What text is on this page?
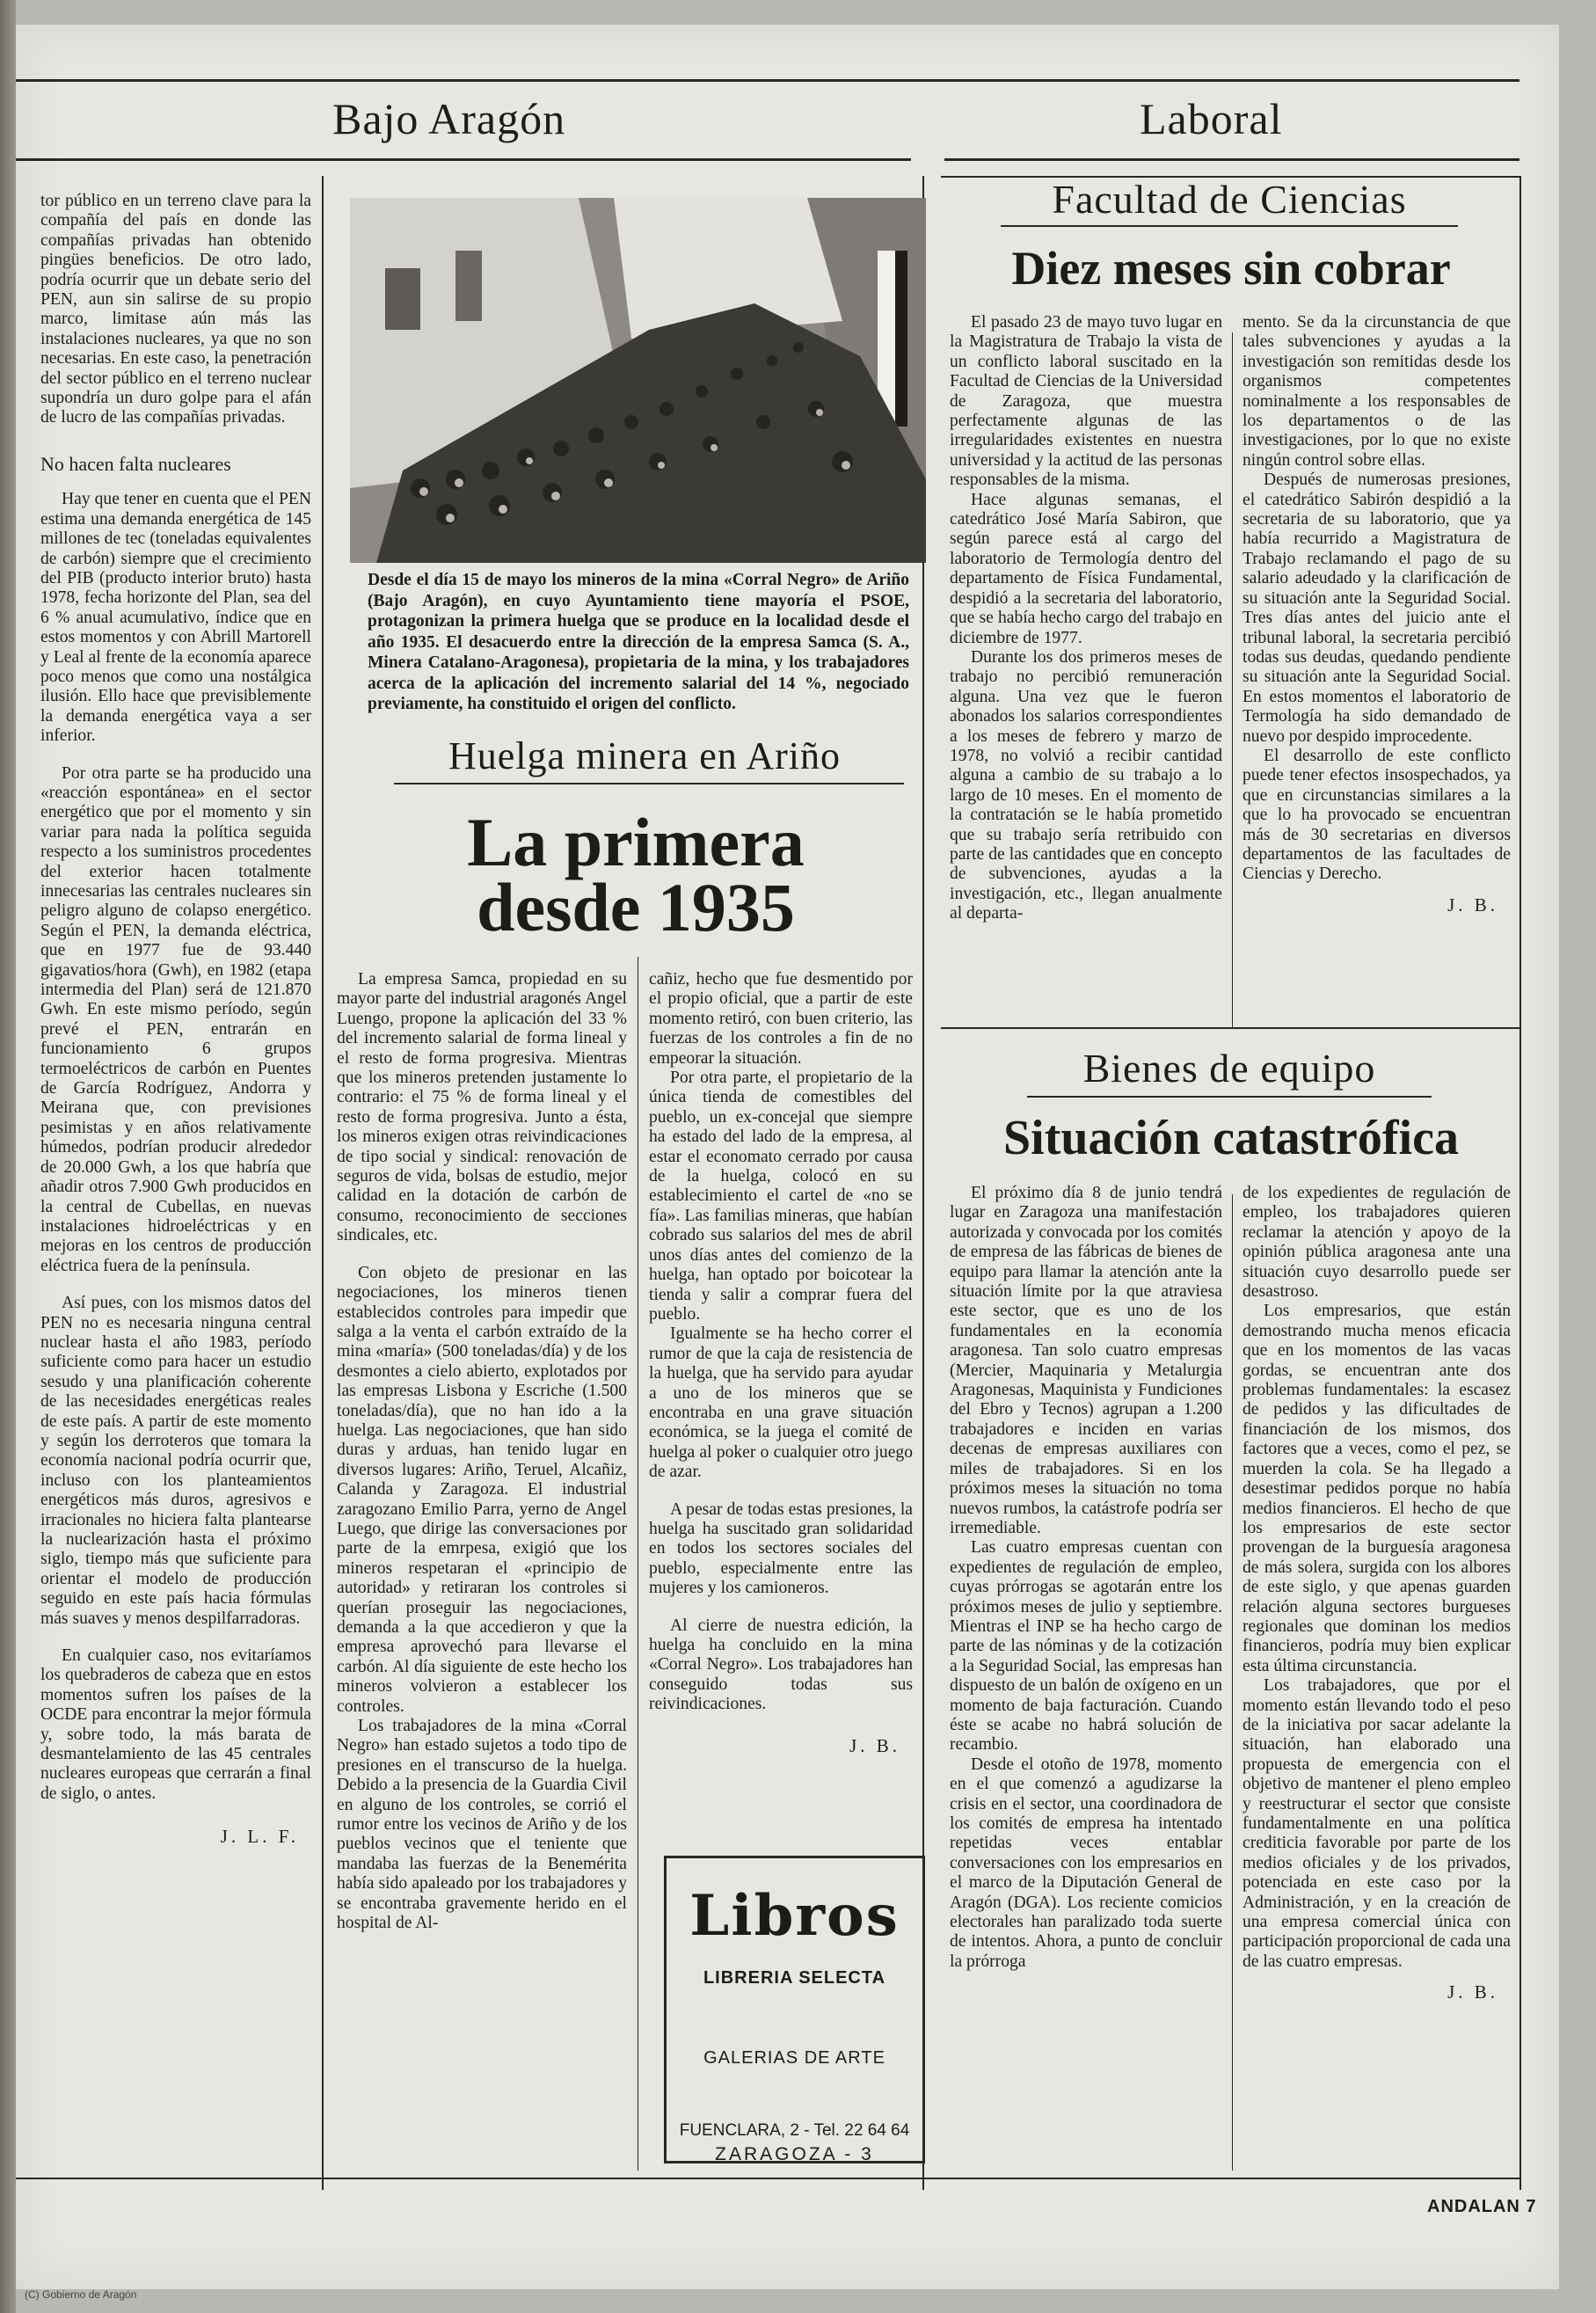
Bajo Aragón	Laboral

tor público en un terreno clave para la compañía del país en donde las compañías privadas han obtenido pingües beneficios. De otro lado, podría ocurrir que un debate serio del PEN, aun sin salirse de su propio marco, limitase aún más las instalaciones nucleares, ya que no son necesarias. En este caso, la penetración del sector público en el terreno nuclear supondría un duro golpe para el afán de lucro de las compañías privadas.

No hacen falta nucleares

Hay que tener en cuenta que el PEN estima una demanda energética de 145 millones de tec (toneladas equivalentes de carbón) siempre que el crecimiento del PIB (producto interior bruto) hasta 1978, fecha horizonte del Plan, sea del 6 % anual acumulativo, índice que en estos momentos y con Abrill Martorell y Leal al frente de la economía aparece poco menos que como una nostálgica ilusión. Ello hace que previsiblemente la demanda energética vaya a ser inferior.

Por otra parte se ha producido una «reacción espontánea» en el sector energético que por el momento y sin variar para nada la política seguida respecto a los suministros procedentes del exterior hacen totalmente innecesarias las centrales nucleares sin peligro alguno de colapso energético. Según el PEN, la demanda eléctrica, que en 1977 fue de 93.440 gigavatios/hora (Gwh), en 1982 (etapa intermedia del Plan) será de 121.870 Gwh. En este mismo período, según prevé el PEN, entrarán en funcionamiento 6 grupos termoeléctricos de carbón en Puentes de García Rodríguez, Andorra y Meirana que, con previsiones pesimistas y en años relativamente húmedos, podrían producir alrededor de 20.000 Gwh, a los que habría que añadir otros 7.900 Gwh producidos en la central de Cubellas, en nuevas instalaciones hidroeléctricas y en mejoras en los centros de producción eléctrica fuera de la península.

Así pues, con los mismos datos del PEN no es necesaria ninguna central nuclear hasta el año 1983, período suficiente como para hacer un estudio sesudo y una planificación coherente de las necesidades energéticas reales de este país. A partir de este momento y según los derroteros que tomara la economía nacional podría ocurrir que, incluso con los planteamientos energéticos más duros, agresivos e irracionales no hiciera falta plantearse la nuclearización hasta el próximo siglo, tiempo más que suficiente para orientar el modelo de producción seguido en este país hacia fórmulas más suaves y menos despilfarradoras.

En cualquier caso, nos evitaríamos los quebraderos de cabeza que en estos momentos sufren los países de la OCDE para encontrar la mejor fórmula y, sobre todo, la más barata de desmantelamiento de las 45 centrales nucleares europeas que cerrarán a final de siglo, o antes.

J. L. F.
Desde el día 15 de mayo los mineros de la mina «Corral Negro» de Ariño (Bajo Aragón), en cuyo Ayuntamiento tiene mayoría el PSOE, protagonizan la primera huelga que se produce en la localidad desde el año 1935. El desacuerdo entre la dirección de la empresa Samca (S. A., Minera Catalano-Aragonesa), propietaria de la mina, y los trabajadores acerca de la aplicación del incremento salarial del 14 %, negociado previamente, ha constituido el origen del conflicto.
Huelga minera en Ariño
La primera
desde 1935

La empresa Samca, propiedad en su mayor parte del industrial aragonés Angel Luengo, propone la aplicación del 33 % del incremento salarial de forma lineal y el resto de forma progresiva. Mientras que los mineros pretenden justamente lo contrario: el 75 % de forma lineal y el resto de forma progresiva. Junto a ésta, los mineros exigen otras reivindicaciones de tipo social y sindical: renovación de seguros de vida, bolsas de estudio, mejor calidad en la dotación de carbón de consumo, reconocimiento de secciones sindicales, etc.

Con objeto de presionar en las negociaciones, los mineros tienen establecidos controles para impedir que salga a la venta el carbón extraído de la mina «maría» (500 toneladas/día) y de los desmontes a cielo abierto, explotados por las empresas Lisbona y Escriche (1.500 toneladas/día), que no han ido a la huelga. Las negociaciones, que han sido duras y arduas, han tenido lugar en diversos lugares: Ariño, Teruel, Alcañiz, Calanda y Zaragoza. El industrial zaragozano Emilio Parra, yerno de Angel Luego, que dirige las conversaciones por parte de la emrpesa, exigió que los mineros respetaran el «principio de autoridad» y retiraran los controles si querían proseguir las negociaciones, demanda a la que accedieron y que la empresa aprovechó para llevarse el carbón. Al día siguiente de este hecho los mineros volvieron a establecer los controles.

Los trabajadores de la mina «Corral Negro» han estado sujetos a todo tipo de presiones en el transcurso de la huelga. Debido a la presencia de la Guardia Civil en alguno de los controles, se corrió el rumor entre los vecinos de Ariño y de los pueblos vecinos que el teniente que mandaba las fuerzas de la Benemérita había sido apaleado por los trabajadores y se encontraba gravemente herido en el hospital de Al-

cañiz, hecho que fue desmentido por el propio oficial, que a partir de este momento retiró, con buen criterio, las fuerzas de los controles a fin de no empeorar la situación.

Por otra parte, el propietario de la única tienda de comestibles del pueblo, un ex-concejal que siempre ha estado del lado de la empresa, al estar el economato cerrado por causa de la huelga, colocó en su establecimiento el cartel de «no se fía». Las familias mineras, que habían cobrado sus salarios del mes de abril unos días antes del comienzo de la huelga, han optado por boicotear la tienda y salir a comprar fuera del pueblo.

Igualmente se ha hecho correr el rumor de que la caja de resistencia de la huelga, que ha servido para ayudar a uno de los mineros que se encontraba en una grave situación económica, se la juega el comité de huelga al poker o cualquier otro juego de azar.

A pesar de todas estas presiones, la huelga ha suscitado gran solidaridad en todos los sectores sociales del pueblo, especialmente entre las mujeres y los camioneros.

Al cierre de nuestra edición, la huelga ha concluido en la mina «Corral Negro». Los trabajadores han conseguido todas sus reivindicaciones.

J. B.
Libros
LIBRERIA SELECTA
GALERIAS DE ARTE
FUENCLARA, 2 - Tel. 22 64 64
ZARAGOZA - 3
Facultad de Ciencias
Diez meses sin cobrar

El pasado 23 de mayo tuvo lugar en la Magistratura de Trabajo la vista de un conflicto laboral suscitado en la Facultad de Ciencias de la Universidad de Zaragoza, que muestra perfectamente algunas de las irregularidades existentes en nuestra universidad y la actitud de las personas responsables de la misma.

Hace algunas semanas, el catedrático José María Sabiron, que según parece está al cargo del laboratorio de Termología dentro del departamento de Física Fundamental, despidió a la secretaria del laboratorio, que se había hecho cargo del trabajo en diciembre de 1977.

Durante los dos primeros meses de trabajo no percibió remuneración alguna. Una vez que le fueron abonados los salarios correspondientes a los meses de febrero y marzo de 1978, no volvió a recibir cantidad alguna a cambio de su trabajo a lo largo de 10 meses. En el momento de la contratación se le había prometido que su trabajo sería retribuido con parte de las cantidades que en concepto de subvenciones, ayudas a la investigación, etc., llegan anualmente al departa-

mento. Se da la circunstancia de que tales subvenciones y ayudas a la investigación son remitidas desde los organismos competentes nominalmente a los responsables de los departamentos o de las investigaciones, por lo que no existe ningún control sobre ellas.

Después de numerosas presiones, el catedrático Sabirón despidió a la secretaria de su laboratorio, que ya había recurrido a Magistratura de Trabajo reclamando el pago de su salario adeudado y la clarificación de su situación ante la Seguridad Social. Tres días antes del juicio ante el tribunal laboral, la secretaria percibió todas sus deudas, quedando pendiente su situación ante la Seguridad Social. En estos momentos el laboratorio de Termología ha sido demandado de nuevo por despido improcedente.

El desarrollo de este conflicto puede tener efectos insospechados, ya que en circunstancias similares a la que lo ha provocado se encuentran más de 30 secretarias en diversos departamentos de las facultades de Ciencias y Derecho.

J. B.
Bienes de equipo
Situación catastrófica

El próximo día 8 de junio tendrá lugar en Zaragoza una manifestación autorizada y convocada por los comités de empresa de las fábricas de bienes de equipo para llamar la atención ante la situación límite por la que atraviesa este sector, que es uno de los fundamentales en la economía aragonesa. Tan solo cuatro empresas (Mercier, Maquinaria y Metalurgia Aragonesas, Maquinista y Fundiciones del Ebro y Tecnos) agrupan a 1.200 trabajadores e inciden en varias decenas de empresas auxiliares con miles de trabajadores. Si en los próximos meses la situación no toma nuevos rumbos, la catástrofe podría ser irremediable.

Las cuatro empresas cuentan con expedientes de regulación de empleo, cuyas prórrogas se agotarán entre los próximos meses de julio y septiembre. Mientras el INP se ha hecho cargo de parte de las nóminas y de la cotización a la Seguridad Social, las empresas han dispuesto de un balón de oxígeno en un momento de baja facturación. Cuando éste se acabe no habrá solución de recambio.

Desde el otoño de 1978, momento en el que comenzó a agudizarse la crisis en el sector, una coordinadora de los comités de empresa ha intentado repetidas veces entablar conversaciones con los empresarios en el marco de la Diputación General de Aragón (DGA). Los reciente comicios electorales han paralizado toda suerte de intentos. Ahora, a punto de concluir la prórroga

de los expedientes de regulación de empleo, los trabajadores quieren reclamar la atención y apoyo de la opinión pública aragonesa ante una situación cuyo desarrollo puede ser desastroso.

Los empresarios, que están demostrando mucha menos eficacia que en los momentos de las vacas gordas, se encuentran ante dos problemas fundamentales: la escasez de pedidos y las dificultades de financiación de los mismos, dos factores que a veces, como el pez, se muerden la cola. Se ha llegado a desestimar pedidos porque no había medios financieros. El hecho de que los empresarios de este sector provengan de la burguesía aragonesa de más solera, surgida con los albores de este siglo, y que apenas guarden relación alguna sectores burgueses regionales que dominan los medios financieros, podría muy bien explicar esta última circunstancia.

Los trabajadores, que por el momento están llevando todo el peso de la iniciativa por sacar adelante la situación, han elaborado una propuesta de emergencia con el objetivo de mantener el pleno empleo y reestructurar el sector que consiste fundamentalmente en una política crediticia favorable por parte de los medios oficiales y de los privados, potenciada en este caso por la Administración, y en la creación de una empresa comercial única con participación proporcional de cada una de las cuatro empresas.

J. B.
ANDALAN 7
(C) Gobierno de Aragón
